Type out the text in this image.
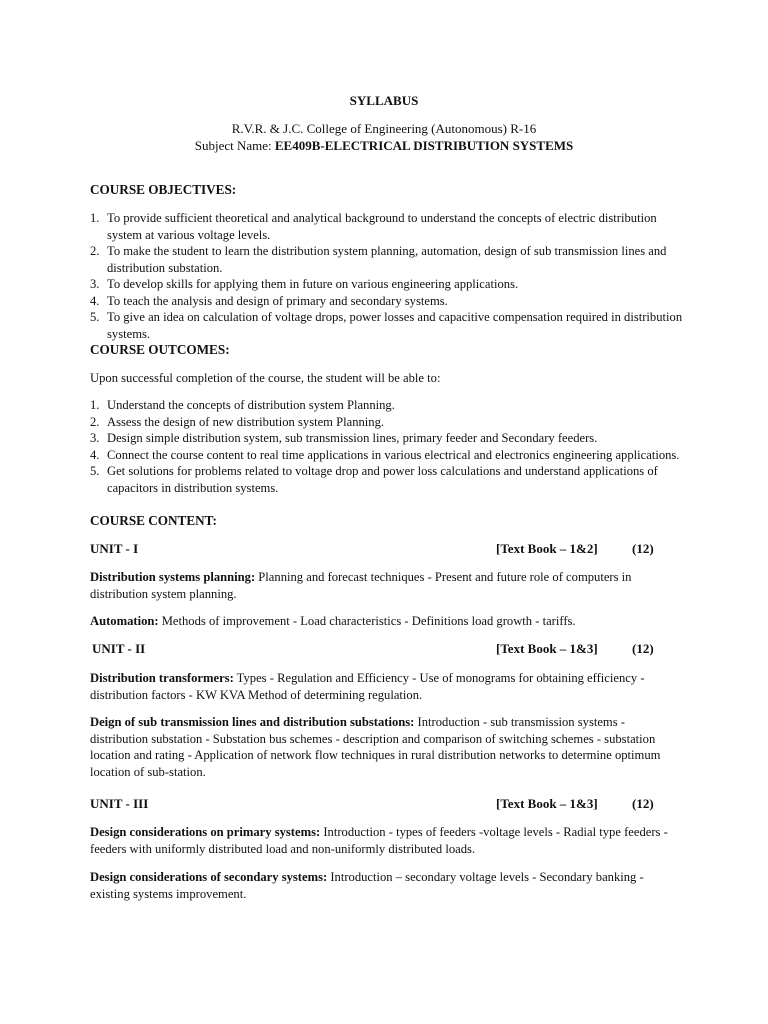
SYLLABUS
R.V.R. & J.C. College of Engineering (Autonomous) R-16
Subject Name: EE409B-ELECTRICAL DISTRIBUTION SYSTEMS
COURSE OBJECTIVES:
1. To provide sufficient theoretical and analytical background to understand the concepts of electric distribution system at various voltage levels.
2. To make the student to learn the distribution system planning, automation, design of sub transmission lines and distribution substation.
3. To develop skills for applying them in future on various engineering applications.
4. To teach the analysis and design of primary and secondary systems.
5. To give an idea on calculation of voltage drops, power losses and capacitive compensation required in distribution systems.
COURSE OUTCOMES:
Upon successful completion of the course, the student will be able to:
1. Understand the concepts of distribution system Planning.
2. Assess the design of new distribution system Planning.
3. Design simple distribution system, sub transmission lines, primary feeder and Secondary feeders.
4. Connect the course content to real time applications in various electrical and electronics engineering applications.
5. Get solutions for problems related to voltage drop and power loss calculations and understand applications of capacitors in distribution systems.
COURSE CONTENT:
UNIT - I	[Text Book – 1&2]	(12)
Distribution systems planning: Planning and forecast techniques - Present and future role of computers in distribution system planning.
Automation: Methods of improvement - Load characteristics - Definitions load growth - tariffs.
UNIT - II	[Text Book – 1&3]	(12)
Distribution transformers: Types - Regulation and Efficiency - Use of monograms for obtaining efficiency - distribution factors - KW KVA Method of determining regulation.
Deign of sub transmission lines and distribution substations: Introduction - sub transmission systems - distribution substation - Substation bus schemes - description and comparison of switching schemes - substation location and rating - Application of network flow techniques in rural distribution networks to determine optimum location of sub-station.
UNIT - III	[Text Book – 1&3]	(12)
Design considerations on primary systems: Introduction - types of feeders -voltage levels - Radial type feeders - feeders with uniformly distributed load and non-uniformly distributed loads.
Design considerations of secondary systems: Introduction – secondary voltage levels - Secondary banking - existing systems improvement.
